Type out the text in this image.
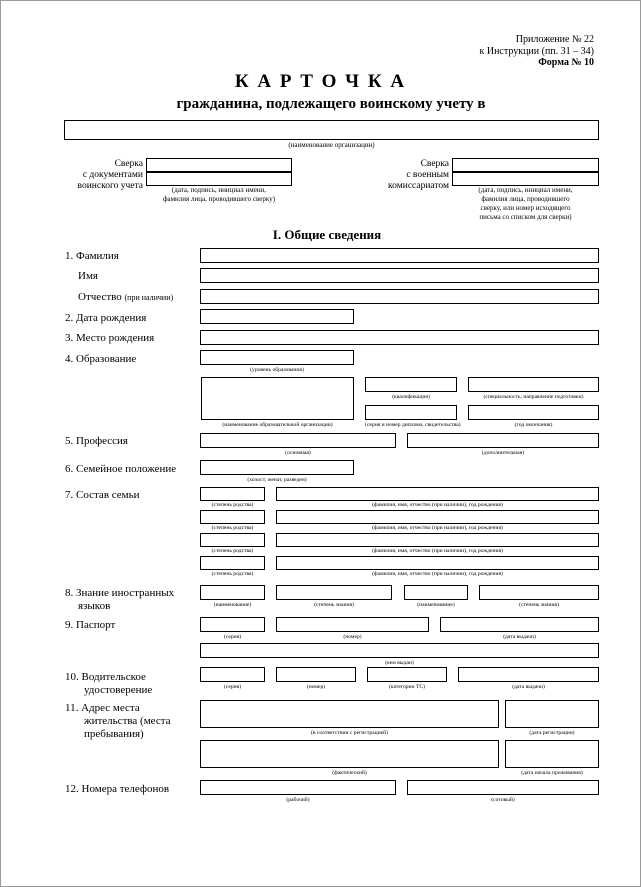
Приложение № 22
к Инструкции (пп. 31 – 34)
Форма № 10
К А Р Т О Ч К А
гражданина, подлежащего воинскому учету в
(наименование организации)
Сверка
с документами
воинского учета	(дата, подпись, инициал имени,
фамилия лица, проводившего сверку)
Сверка
с военным
комиссариатом	(дата, подпись, инициал имени,
фамилия лица, проводившего
сверку, или номер исходящего
письма со списком для сверки)
I. Общие сведения
1. Фамилия
Имя
Отчество (при наличии)
2. Дата рождения
3. Место рождения
4. Образование
(уровень образования)
(квалификация)	(специальность, направление подготовки)
(наименование образовательной организации)	(серия и номер диплома, свидетельства)	(год окончания)
5. Профессия
(основная)	(дополнительная)
6. Семейное положение
(холост, женат, разведен)
7. Состав семьи
(степень родства)	(фамилия, имя, отчество (при наличии), год рождения)
(степень родства)	(фамилия, имя, отчество (при наличии), год рождения)
(степень родства)	(фамилия, имя, отчество (при наличии), год рождения)
(степень родства)	(фамилия, имя, отчество (при наличии), год рождения)
8. Знание иностранных
языков	(наименование)	(степень знания)	(наименование)	(степень знания)
9. Паспорт
(серия)	(номер)	(дата выдачи)
(кем выдан)
10. Водительское
удостоверение	(серия)	(номер)	(категории ТС)	(дата выдачи)
11. Адрес места
жительства (места
пребывания)	(в соответствии с регистрацией)	(дата регистрации)
(фактический)	(дата начала проживания)
12. Номера телефонов
(рабочий)	(сотовый)
